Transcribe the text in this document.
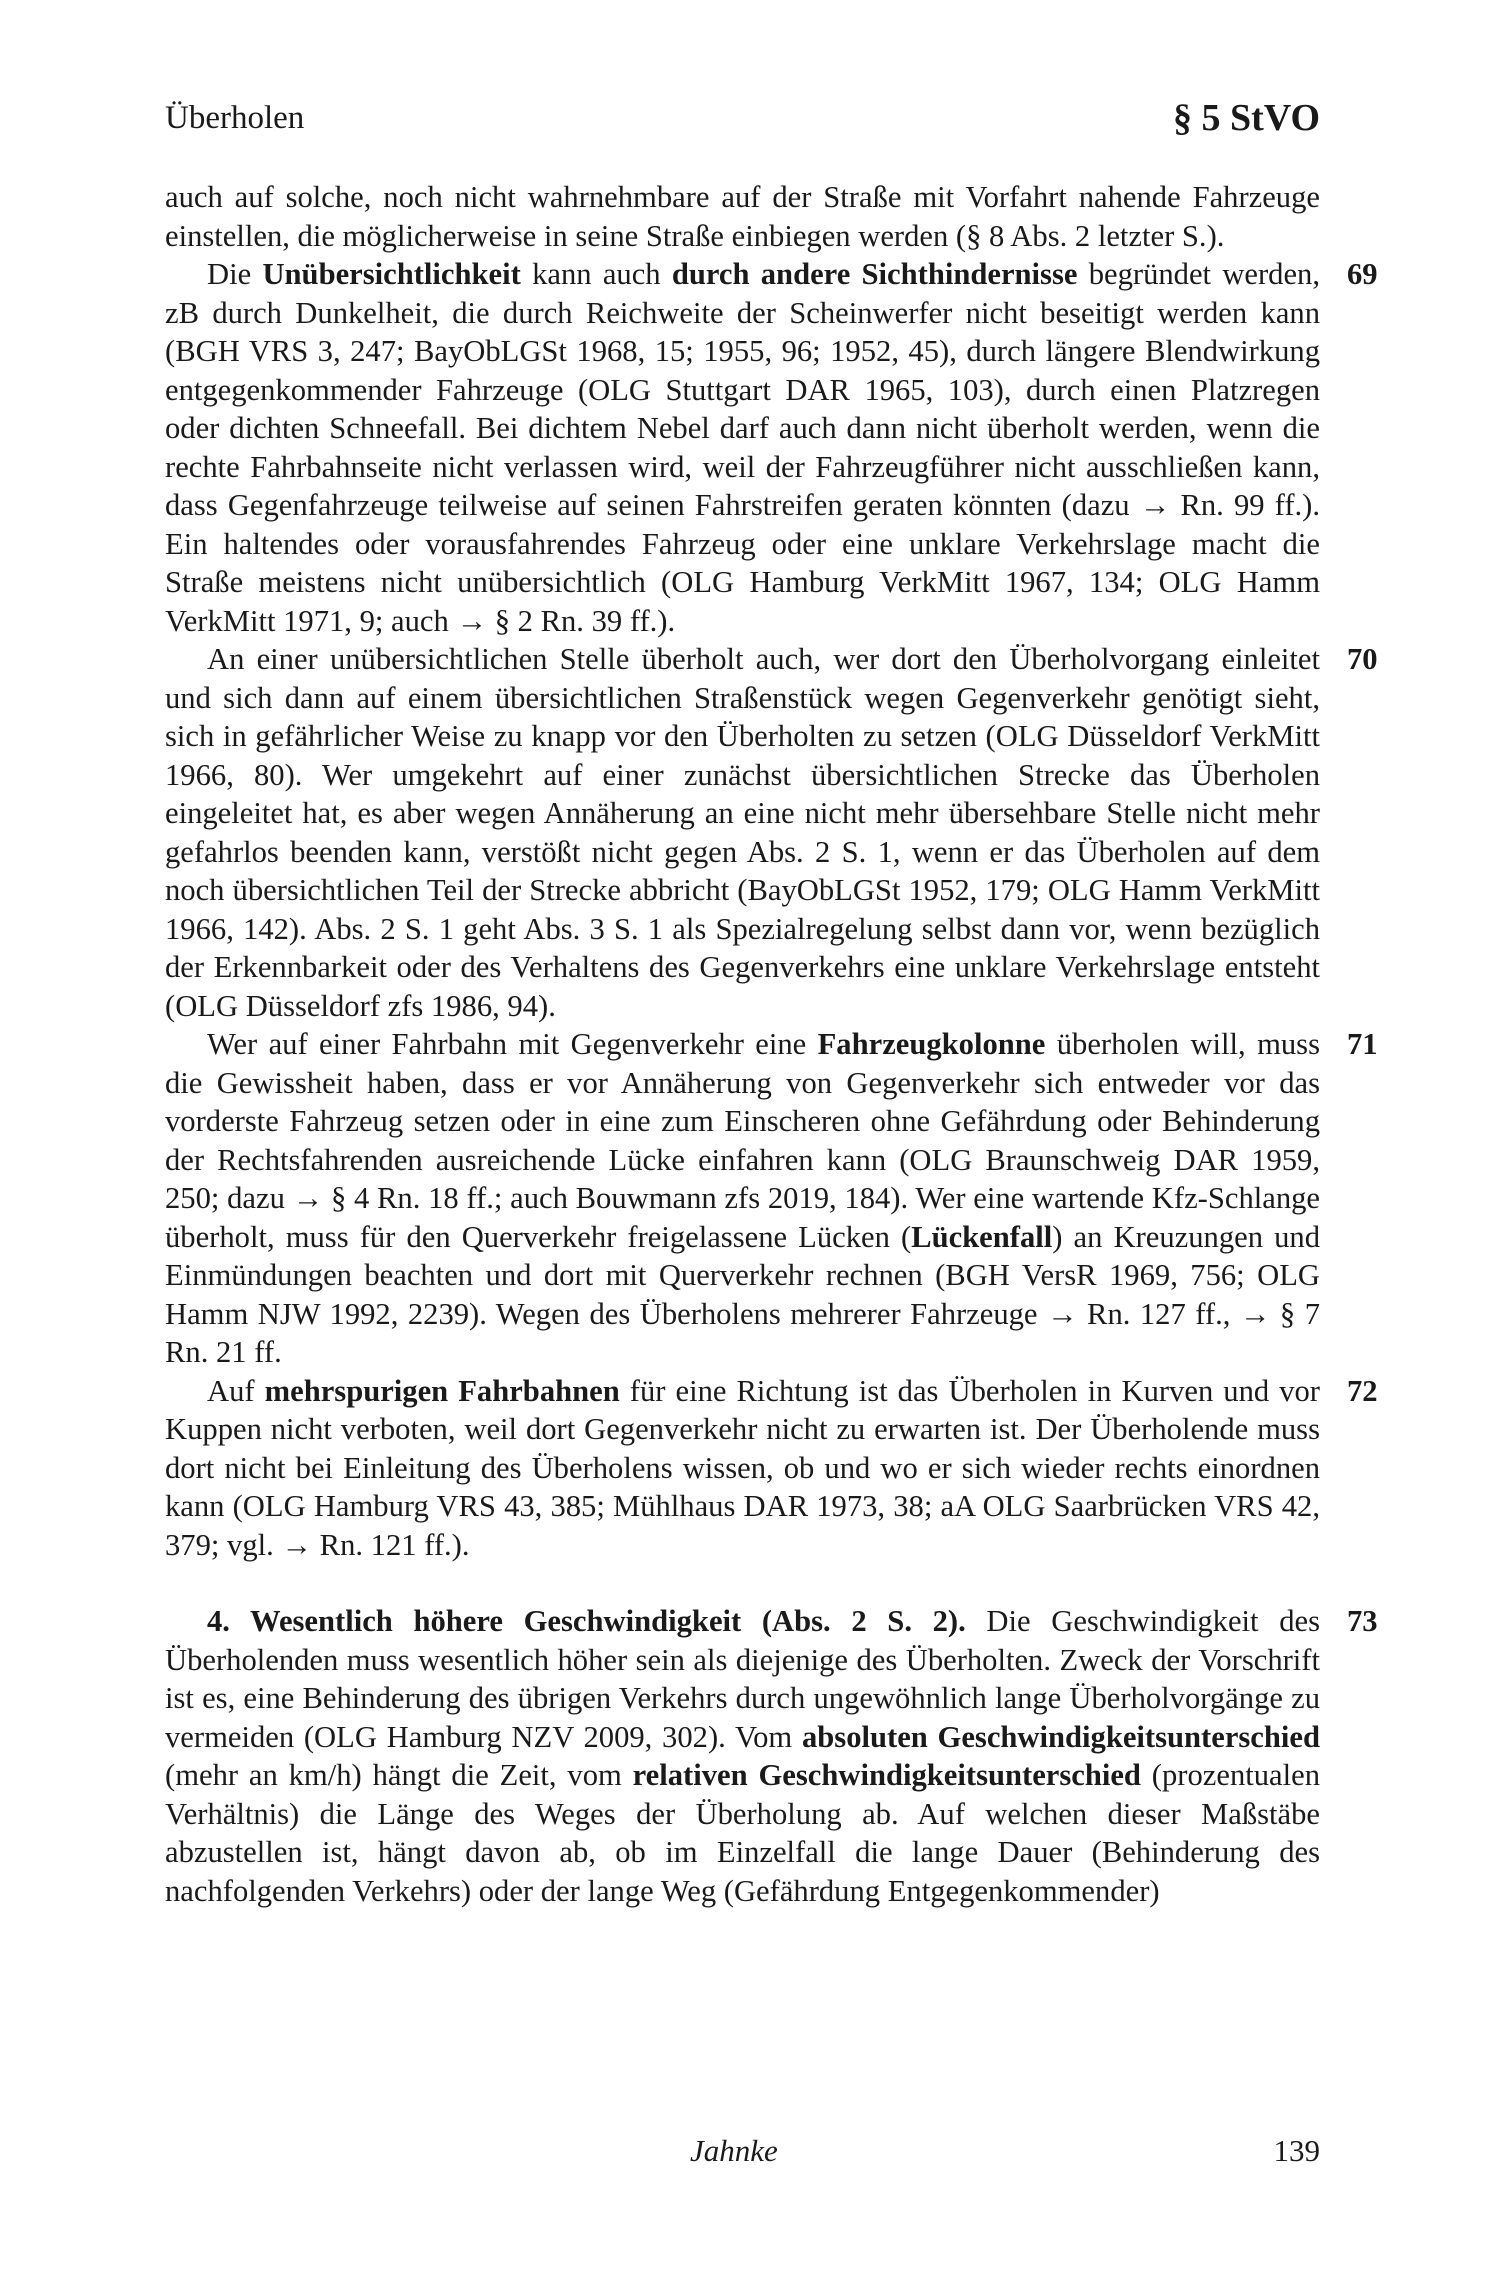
Überholen	§ 5 StVO

auch auf solche, noch nicht wahrnehmbare auf der Straße mit Vorfahrt nahende Fahrzeuge einstellen, die möglicherweise in seine Straße einbiegen werden (§ 8 Abs. 2 letzter S.).

69
Die Unübersichtlichkeit kann auch durch andere Sichthindernisse begründet werden, zB durch Dunkelheit, die durch Reichweite der Scheinwerfer nicht beseitigt werden kann (BGH VRS 3, 247; BayObLGSt 1968, 15; 1955, 96; 1952, 45), durch längere Blendwirkung entgegenkommender Fahrzeuge (OLG Stuttgart DAR 1965, 103), durch einen Platzregen oder dichten Schneefall. Bei dichtem Nebel darf auch dann nicht überholt werden, wenn die rechte Fahrbahnseite nicht verlassen wird, weil der Fahrzeugführer nicht ausschließen kann, dass Gegenfahrzeuge teilweise auf seinen Fahrstreifen geraten könnten (dazu → Rn. 99 ff.). Ein haltendes oder vorausfahrendes Fahrzeug oder eine unklare Verkehrslage macht die Straße meistens nicht unübersichtlich (OLG Hamburg VerkMitt 1967, 134; OLG Hamm VerkMitt 1971, 9; auch → § 2 Rn. 39 ff.).

70
An einer unübersichtlichen Stelle überholt auch, wer dort den Überholvorgang einleitet und sich dann auf einem übersichtlichen Straßenstück wegen Gegenverkehr genötigt sieht, sich in gefährlicher Weise zu knapp vor den Überholten zu setzen (OLG Düsseldorf VerkMitt 1966, 80). Wer umgekehrt auf einer zunächst übersichtlichen Strecke das Überholen eingeleitet hat, es aber wegen Annäherung an eine nicht mehr übersehbare Stelle nicht mehr gefahrlos beenden kann, verstößt nicht gegen Abs. 2 S. 1, wenn er das Überholen auf dem noch übersichtlichen Teil der Strecke abbricht (BayObLGSt 1952, 179; OLG Hamm VerkMitt 1966, 142). Abs. 2 S. 1 geht Abs. 3 S. 1 als Spezialregelung selbst dann vor, wenn bezüglich der Erkennbarkeit oder des Verhaltens des Gegenverkehrs eine unklare Verkehrslage entsteht (OLG Düsseldorf zfs 1986, 94).

71
Wer auf einer Fahrbahn mit Gegenverkehr eine Fahrzeugkolonne überholen will, muss die Gewissheit haben, dass er vor Annäherung von Gegenverkehr sich entweder vor das vorderste Fahrzeug setzen oder in eine zum Einscheren ohne Gefährdung oder Behinderung der Rechtsfahrenden ausreichende Lücke einfahren kann (OLG Braunschweig DAR 1959, 250; dazu → § 4 Rn. 18 ff.; auch Bouwmann zfs 2019, 184). Wer eine wartende Kfz-Schlange überholt, muss für den Querverkehr freigelassene Lücken (Lückenfall) an Kreuzungen und Einmündungen beachten und dort mit Querverkehr rechnen (BGH VersR 1969, 756; OLG Hamm NJW 1992, 2239). Wegen des Überholens mehrerer Fahrzeuge → Rn. 127 ff., → § 7 Rn. 21 ff.

72
Auf mehrspurigen Fahrbahnen für eine Richtung ist das Überholen in Kurven und vor Kuppen nicht verboten, weil dort Gegenverkehr nicht zu erwarten ist. Der Überholende muss dort nicht bei Einleitung des Überholens wissen, ob und wo er sich wieder rechts einordnen kann (OLG Hamburg VRS 43, 385; Mühlhaus DAR 1973, 38; aA OLG Saarbrücken VRS 42, 379; vgl. → Rn. 121 ff.).

73
4. Wesentlich höhere Geschwindigkeit (Abs. 2 S. 2). Die Geschwindigkeit des Überholenden muss wesentlich höher sein als diejenige des Überholten. Zweck der Vorschrift ist es, eine Behinderung des übrigen Verkehrs durch ungewöhnlich lange Überholvorgänge zu vermeiden (OLG Hamburg NZV 2009, 302). Vom absoluten Geschwindigkeitsunterschied (mehr an km/h) hängt die Zeit, vom relativen Geschwindigkeitsunterschied (prozentualen Verhältnis) die Länge des Weges der Überholung ab. Auf welchen dieser Maßstäbe abzustellen ist, hängt davon ab, ob im Einzelfall die lange Dauer (Behinderung des nachfolgenden Verkehrs) oder der lange Weg (Gefährdung Entgegenkommender)

Jahnke	139
